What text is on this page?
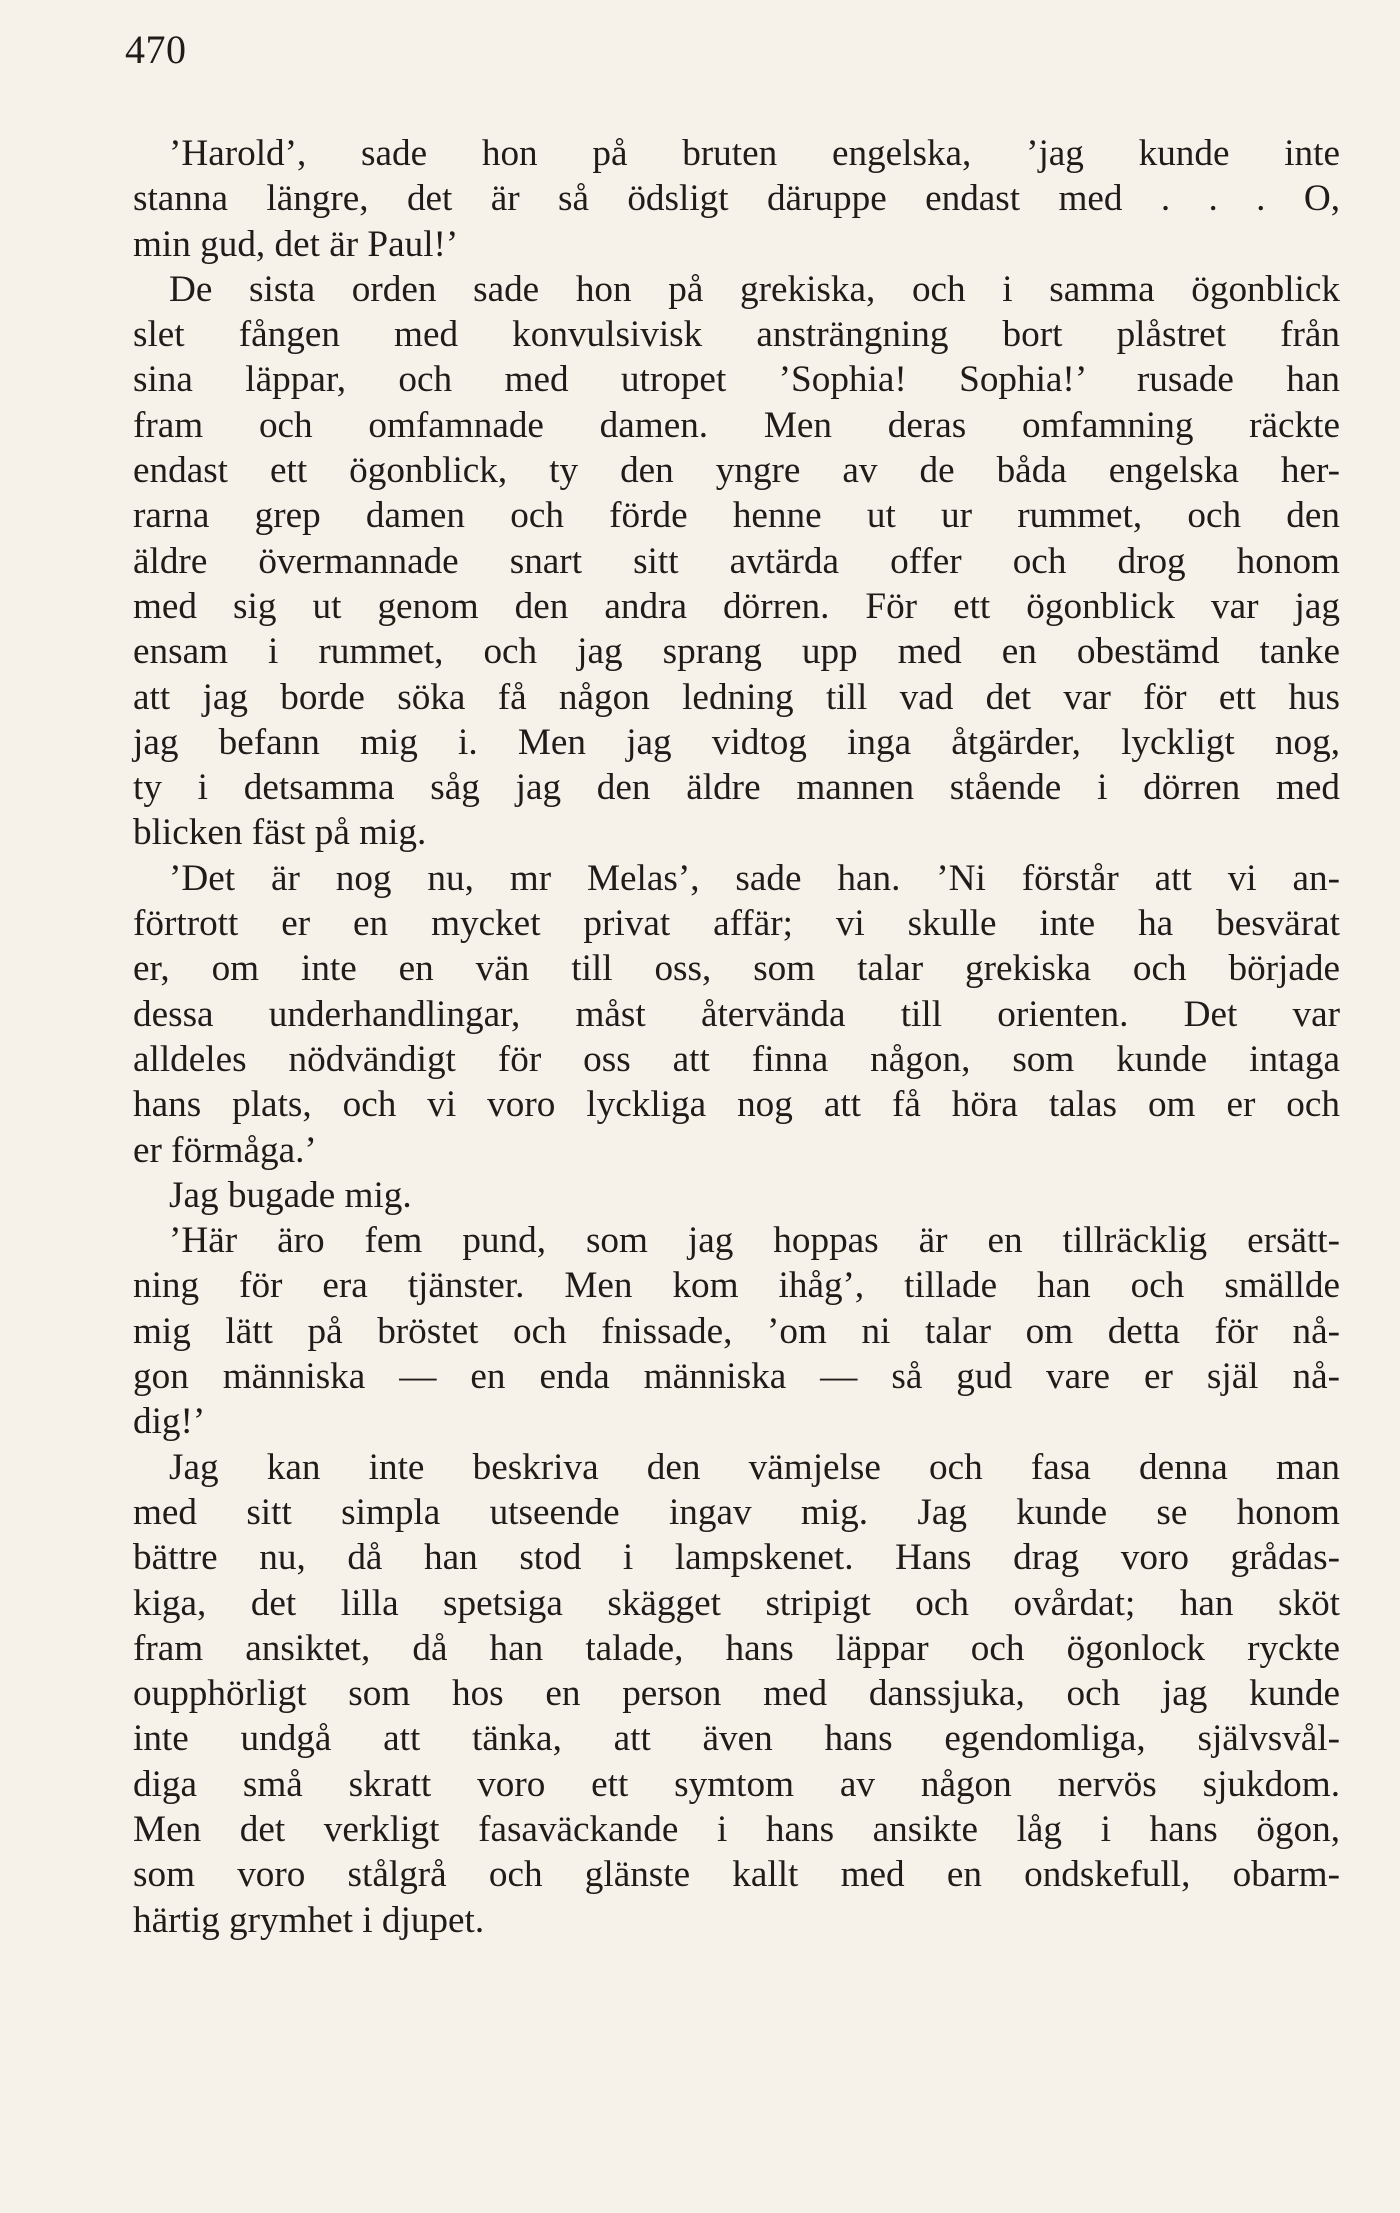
470

’Harold’, sade hon på bruten engelska, ’jag kunde inte
stanna längre, det är så ödsligt däruppe endast med . . . O,
min gud, det är Paul!’

De sista orden sade hon på grekiska, och i samma ögonblick
slet fången med konvulsivisk ansträngning bort plåstret från
sina läppar, och med utropet ’Sophia! Sophia!’ rusade han
fram och omfamnade damen. Men deras omfamning räckte
endast ett ögonblick, ty den yngre av de båda engelska her-
rarna grep damen och förde henne ut ur rummet, och den
äldre övermannade snart sitt avtärda offer och drog honom
med sig ut genom den andra dörren. För ett ögonblick var jag
ensam i rummet, och jag sprang upp med en obestämd tanke
att jag borde söka få någon ledning till vad det var för ett hus
jag befann mig i. Men jag vidtog inga åtgärder, lyckligt nog,
ty i detsamma såg jag den äldre mannen stående i dörren med
blicken fäst på mig.

’Det är nog nu, mr Melas’, sade han. ’Ni förstår att vi an-
förtrott er en mycket privat affär; vi skulle inte ha besvärat
er, om inte en vän till oss, som talar grekiska och började
dessa underhandlingar, måst återvända till orienten. Det var
alldeles nödvändigt för oss att finna någon, som kunde intaga
hans plats, och vi voro lyckliga nog att få höra talas om er och
er förmåga.’

Jag bugade mig.

’Här äro fem pund, som jag hoppas är en tillräcklig ersätt-
ning för era tjänster. Men kom ihåg’, tillade han och smällde
mig lätt på bröstet och fnissade, ’om ni talar om detta för nå-
gon människa — en enda människa — så gud vare er själ nå-
dig!’

Jag kan inte beskriva den vämjelse och fasa denna man
med sitt simpla utseende ingav mig. Jag kunde se honom
bättre nu, då han stod i lampskenet. Hans drag voro grådas-
kiga, det lilla spetsiga skägget stripigt och ovårdat; han sköt
fram ansiktet, då han talade, hans läppar och ögonlock ryckte
oupphörligt som hos en person med danssjuka, och jag kunde
inte undgå att tänka, att även hans egendomliga, självsvål-
diga små skratt voro ett symtom av någon nervös sjukdom.
Men det verkligt fasaväckande i hans ansikte låg i hans ögon,
som voro stålgrå och glänste kallt med en ondskefull, obarm-
härtig grymhet i djupet.
